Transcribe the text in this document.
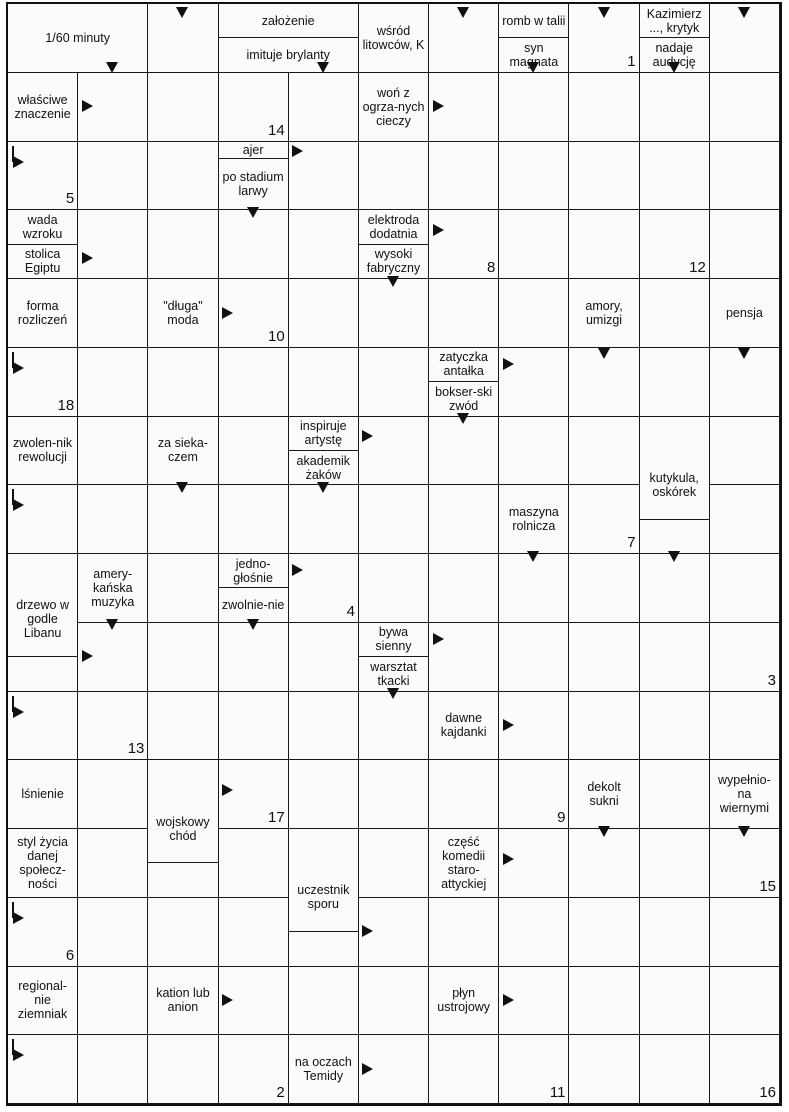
1/60 minuty
założenie
imituje brylanty
wśród litowców, K
romb w talii
syn magnata
Kazimierz ..., krytyk
nadaje audycję
właściwe znaczenie
woń z ogrza-nych cieczy
ajer
po stadium larwy
wada wzroku
stolica Egiptu
elektroda dodatnia
wysoki fabryczny
forma rozliczeń
"długa" moda
amory, umizgi	pensja
zatyczka antałka
bokser-ski zwód
zwolen-nik rewolucji
za sieka-czem
inspiruje artystę
akademik żaków
maszyna rolnicza
kutykula, oskórek
drzewo w godle Libanu
amery-kańska muzyka
jedno-głośnie
zwolnie-nie
bywa sienny
warsztat tkacki
dawne kajdanki
lśnienie
wojskowy chód
dekolt sukni
wypełnio-na wiernymi
styl życia danej społecz-ności
część komedii staro-attyckiej
uczestnik sporu
regional-nie ziemniak
kation lub anion
płyn ustrojowy
na oczach Temidy
1
14
5
8	12
10
18
7
4
3
13
17	9
15
6
2	11	16
